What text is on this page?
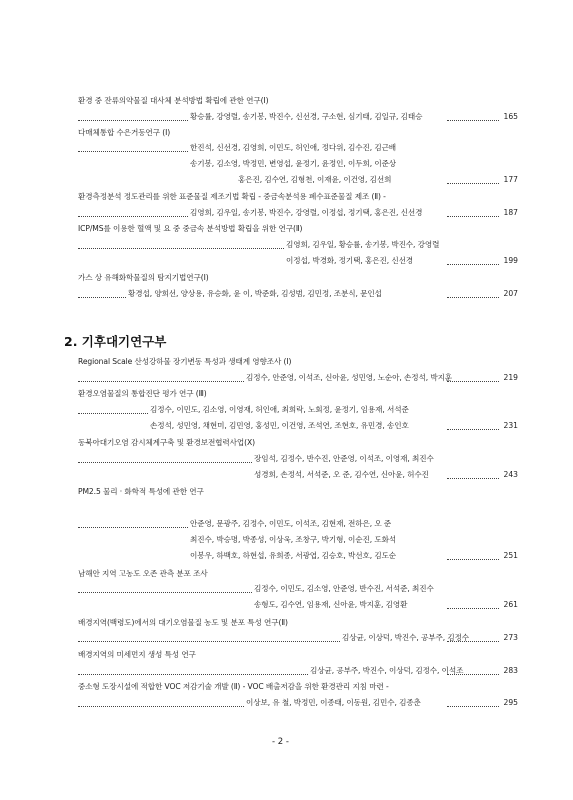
환경 중 잔류의약물질 대사체 분석방법 확립에 관한 연구(Ⅰ)
황승률, 강영렬, 송기봉, 박진수, 신선경, 구소현, 심기태, 김일규, 김태승	165
다매체통합 수은거동연구 (Ⅰ)
한진석, 신선경, 김영희, 이민도, 허인애, 정다위, 김수진, 김근배
송기봉, 김소영, 박정민, 변영섭, 윤정기, 윤정인, 이두희, 이준상
홍은진, 김수연, 김형천, 이재윤, 이건영, 김선희	177
환경측정분석 정도관리를 위한 표준물질 제조기법 확립 - 중금속분석용 폐수표준물질 제조 (Ⅱ) -
김영희, 김우일, 송기봉, 박진수, 강영렬, 이정섭, 정기택, 홍은진, 신선경	187
ICP/MS를 이용한 혈액 및 요 중 중금속 분석방법 확립을 위한 연구(Ⅱ)
김영희, 김우일, 황승률, 송기봉, 박진수, 강영렬
이정섭, 박경화, 정기택, 홍은진, 신선경	199
가스 상 유해화학물질의 탐지기법연구(Ⅰ)
황경섭, 양희선, 양상용, 유승화, 윤 이, 박준화, 김성범, 김민정, 조분식, 문인섭	207
2. 기후대기연구부
Regional Scale 산성강하물 장기변동 특성과 생태계 영향조사 (Ⅰ)
김정수, 안준영, 이석조, 신아윤, 성민영, 노순아, 손정석, 박지훈	219
환경오염물질의 통합진단 평가 연구 (Ⅲ)
김정수, 이민도, 김소영, 이영재, 허인애, 최희락, 노회정, 윤정기, 임용재, 서석준
손정석, 성민영, 채현미, 김민영, 홍성민, 이건영, 조석연, 조현호, 유민경, 송인호	231
동북아대기오염 감시체계구축 및 환경보전협력사업(Ⅹ)
장임석, 김정수, 반수진, 안준영, 이석조, 이영재, 최진수
성경희, 손정석, 서석준, 오 준, 김수연, 신아윤, 허수진	243
PM2.5 물리 · 화학적 특성에 관한 연구
안준영, 문광주, 김정수, 이민도, 이석조, 김현재, 전하은, 오 준
최진수, 박승명, 박종성, 이상욱, 조창구, 박기형, 이순진, 도화석
이봉우, 하백호, 하현섭, 유희종, 서광엽, 김승호, 박선호, 김도순	251
남해안 지역 고농도 오존 관측 분포 조사
김정수, 이민도, 김소영, 안준영, 반수진, 서석준, 최진수
송형도, 김수연, 임용재, 신아윤, 박지훈, 김영환	261
배경지역(백령도)에서의 대기오염물질 농도 및 분포 특성 연구(Ⅱ)
김상균, 이상덕, 박진수, 공부주, 김정수	273
배경지역의 미세먼지 생성 특성 연구
김상균, 공부주, 박진수, 이상덕, 김정수, 이석조	283
중소형 도장시설에 적합한 VOC 저감기술 개발 (Ⅱ) - VOC 배출저감을 위한 환경관리 지침 마련 -
이상보, 유 철, 박정민, 이종태, 이동원, 김민수, 김종춘	295
- 2 -
